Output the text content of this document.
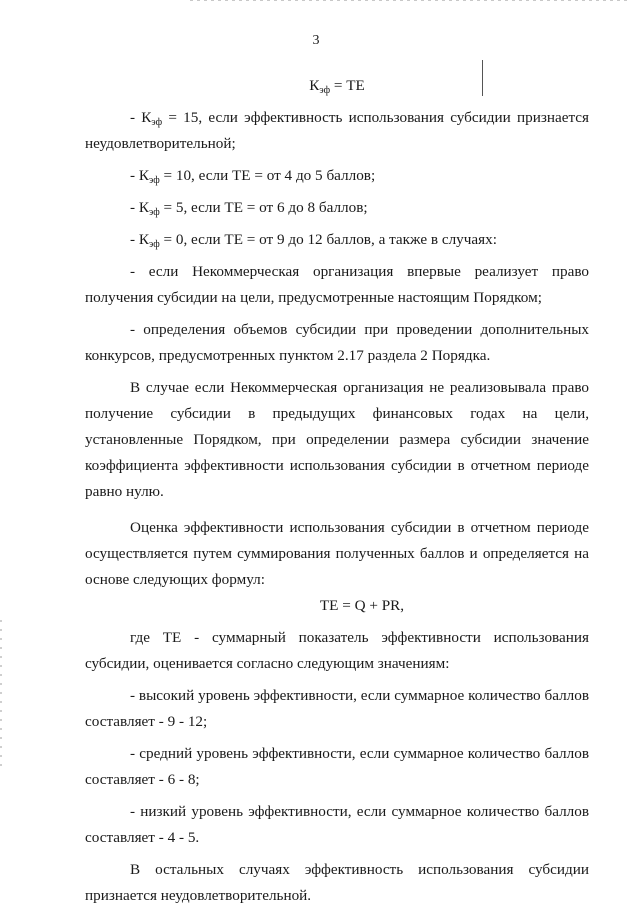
3
$К_{эф}$ = ТЕ
- $К_{эф} = 15$, если эффективность использования субсидии признается
неудовлетворительной;
- $К_{эф} = 10$, если ТЕ = от 4 до 5 баллов;
- $К_{эф} = 5$, если ТЕ = от 6 до 8 баллов;
- $К_{эф} = 0$, если ТЕ = от 9 до 12 баллов, а также в случаях:
- если Некоммерческая организация впервые реализует право
получения субсидии на цели, предусмотренные настоящим Порядком;
- определения объемов субсидии при проведении дополнительных
конкурсов, предусмотренных пунктом 2.17 раздела 2 Порядка.
В случае если Некоммерческая организация не реализовывала право
получение субсидии в предыдущих финансовых годах на цели,
установленные Порядком, при определении размера субсидии значение
коэффициента эффективности использования субсидии в отчетном периоде
равно нулю.
Оценка эффективности использования субсидии в отчетном периоде
осуществляется путем суммирования полученных баллов и определяется на
основе следующих формул:
ТЕ = Q + PR,
где ТЕ - суммарный показатель эффективности использования
субсидии, оценивается согласно следующим значениям:
- высокий уровень эффективности, если суммарное количество баллов
составляет - 9 - 12;
- средний уровень эффективности, если суммарное количество баллов
составляет - 6 - 8;
- низкий уровень эффективности, если суммарное количество баллов
составляет - 4 - 5.
В остальных случаях эффективность использования субсидии
признается неудовлетворительной.
